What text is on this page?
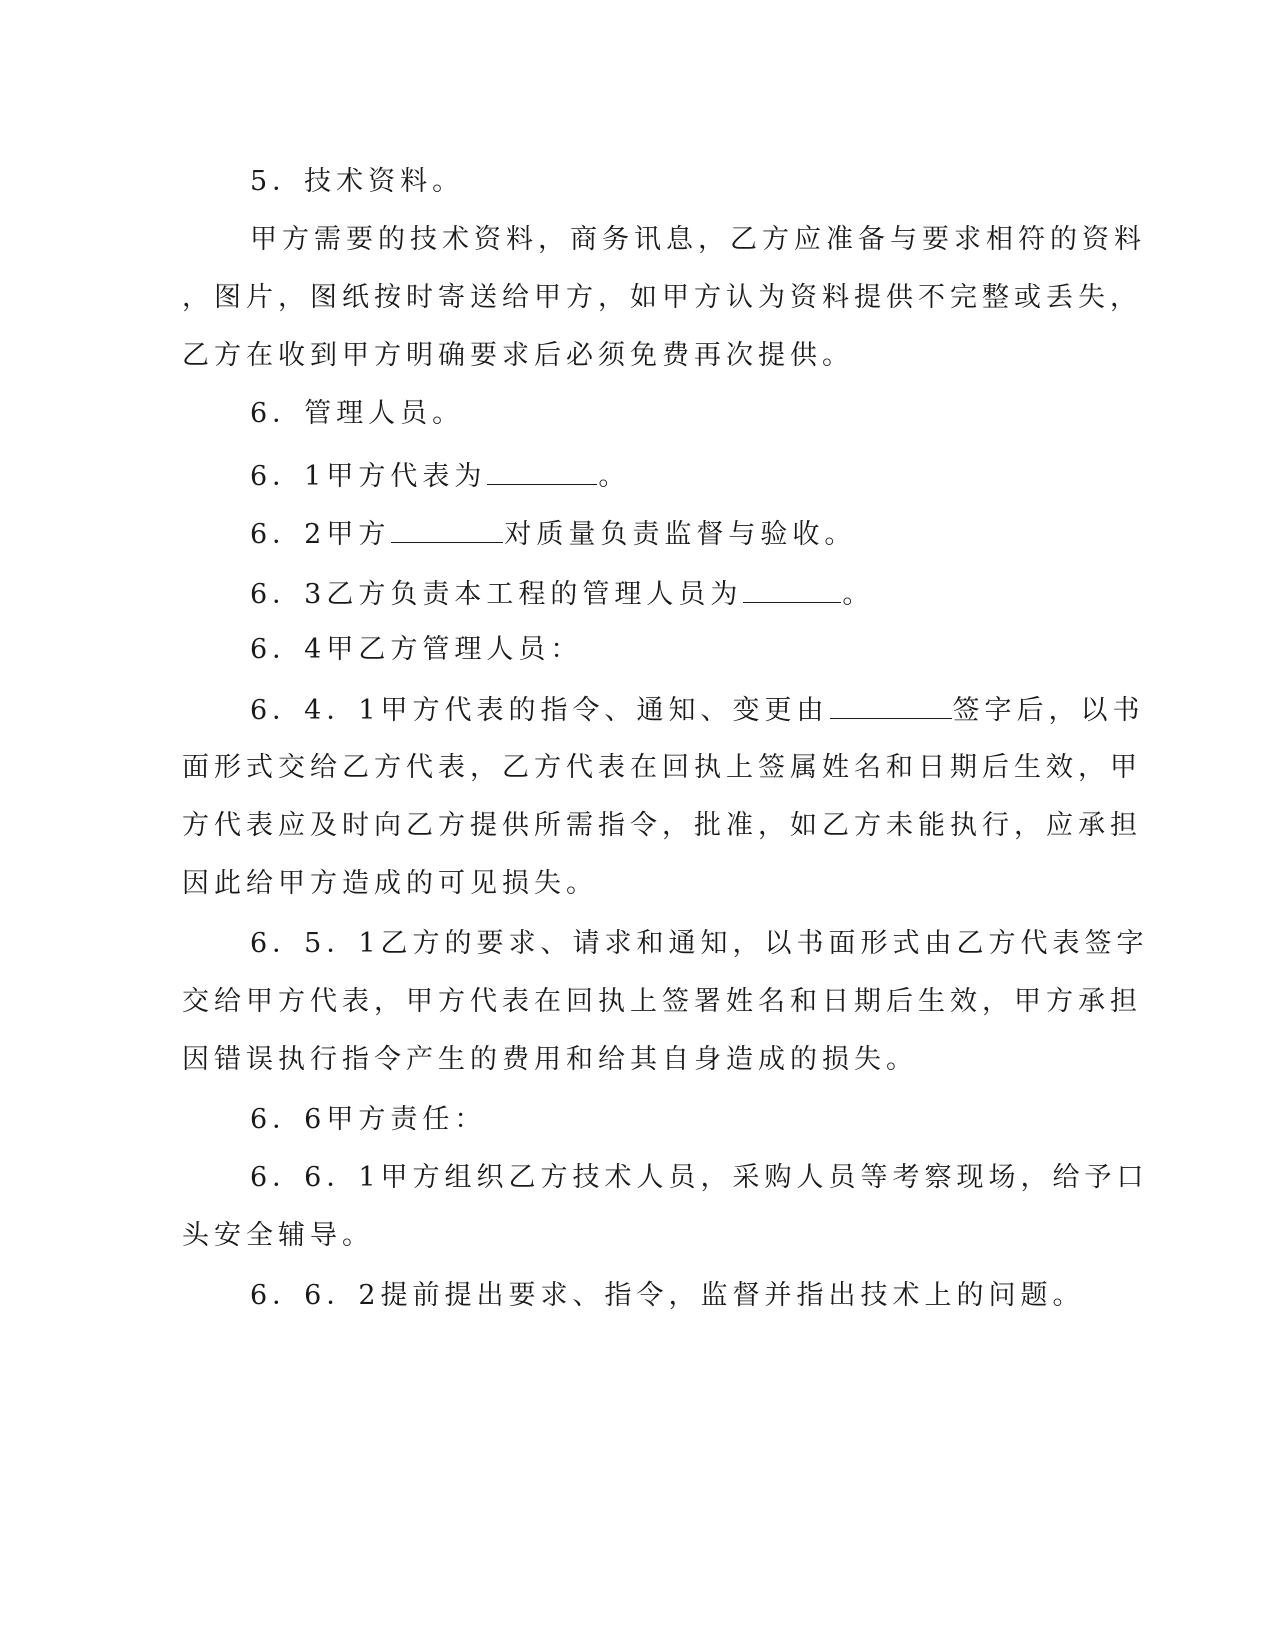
5．技术资料。
甲方需要的技术资料，商务讯息，乙方应准备与要求相符的资料
，图片，图纸按时寄送给甲方，如甲方认为资料提供不完整或丢失，
乙方在收到甲方明确要求后必须免费再次提供。
6．管理人员。
6．1甲方代表为	。
6．2甲方	对质量负责监督与验收。
6．3乙方负责本工程的管理人员为	。
6．4甲乙方管理人员：
6．4．1甲方代表的指令、通知、变更由	签字后，以书
面形式交给乙方代表，乙方代表在回执上签属姓名和日期后生效，甲
方代表应及时向乙方提供所需指令，批准，如乙方未能执行，应承担
因此给甲方造成的可见损失。
6．5．1乙方的要求、请求和通知，以书面形式由乙方代表签字
交给甲方代表，甲方代表在回执上签署姓名和日期后生效，甲方承担
因错误执行指令产生的费用和给其自身造成的损失。
6．6甲方责任：
6．6．1甲方组织乙方技术人员，采购人员等考察现场，给予口
头安全辅导。
6．6．2提前提出要求、指令，监督并指出技术上的问题。
